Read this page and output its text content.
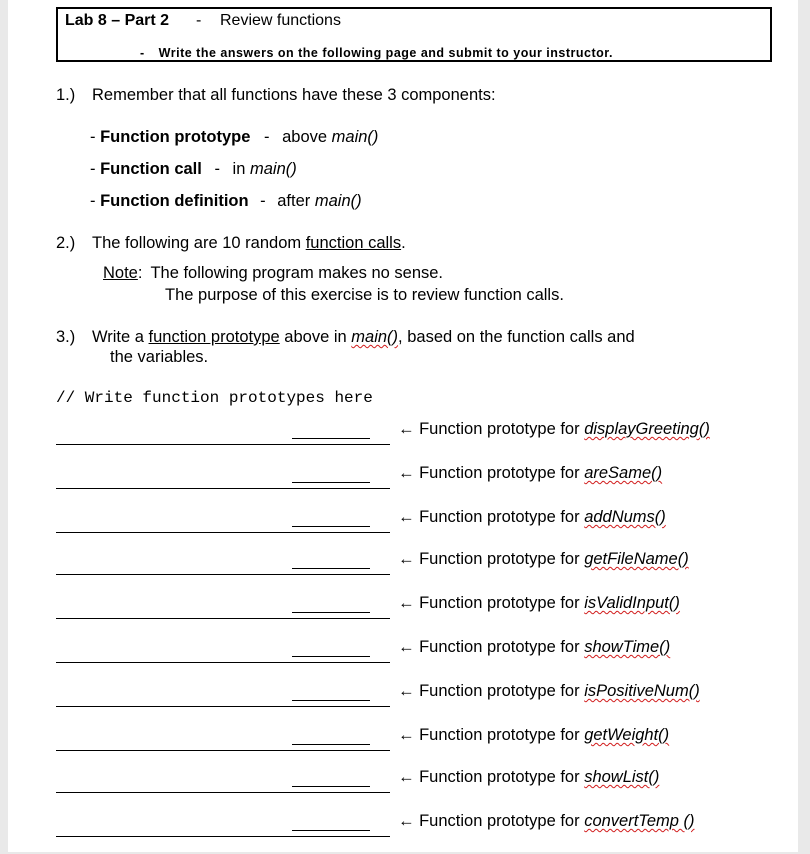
Lab 8 – Part 2 - Review functions
- Write the answers on the following page and submit to your instructor.
1.) Remember that all functions have these 3 components:
- Function prototype - above main()
- Function call - in main()
- Function definition - after main()
2.) The following are 10 random function calls.
Note: The following program makes no sense.
The purpose of this exercise is to review function calls.
3.) Write a function prototype above in main(), based on the function calls and
the variables.
// Write function prototypes here
← Function prototype for displayGreeting()
← Function prototype for areSame()
← Function prototype for addNums()
← Function prototype for getFileName()
← Function prototype for isValidInput()
← Function prototype for showTime()
← Function prototype for isPositiveNum()
← Function prototype for getWeight()
← Function prototype for showList()
← Function prototype for convertTemp ()
